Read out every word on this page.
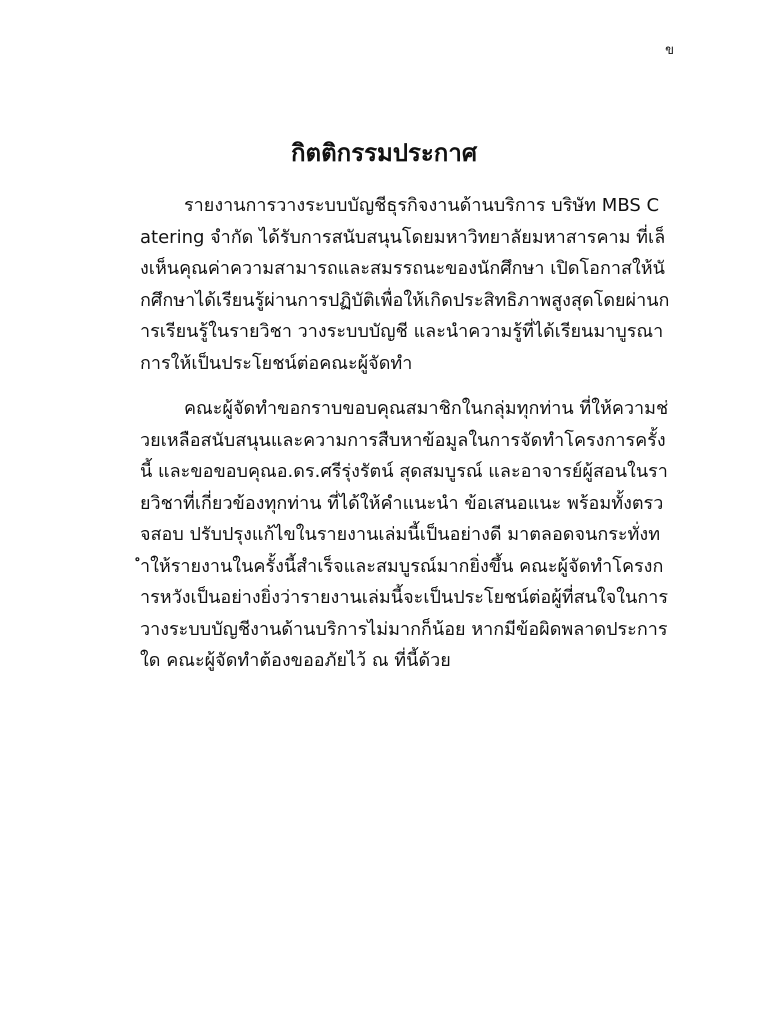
ข
กิตติกรรมประกาศ

รายงานการวางระบบบัญชีธุรกิจงานด้านบริการ บริษัท MBS Catering จำกัด ได้รับการสนับสนุนโดยมหาวิทยาลัยมหาสารคาม ที่เล็งเห็นคุณค่าความสามารถและสมรรถนะของนักศึกษา เปิดโอกาสให้นักศึกษาได้เรียนรู้ผ่านการปฏิบัติเพื่อให้เกิดประสิทธิภาพสูงสุดโดยผ่านการเรียนรู้ในรายวิชา วางระบบบัญชี และนำความรู้ที่ได้เรียนมาบูรณาการให้เป็นประโยชน์ต่อคณะผู้จัดทำ

คณะผู้จัดทำขอกราบขอบคุณสมาชิกในกลุ่มทุกท่าน ที่ให้ความช่วยเหลือสนับสนุนและความการสืบหาข้อมูลในการจัดทำโครงการครั้งนี้ และขอขอบคุณอ.ดร.ศรีรุ่งรัตน์ สุดสมบูรณ์ และอาจารย์ผู้สอนในรายวิชาที่เกี่ยวข้องทุกท่าน ที่ได้ให้คำแนะนำ ข้อเสนอแนะ พร้อมทั้งตรวจสอบ ปรับปรุงแก้ไขในรายงานเล่มนี้เป็นอย่างดี มาตลอดจนกระทั่งทำให้รายงานในครั้งนี้สำเร็จและสมบูรณ์มากยิ่งขึ้น คณะผู้จัดทำโครงการหวังเป็นอย่างยิ่งว่ารายงานเล่มนี้จะเป็นประโยชน์ต่อผู้ที่สนใจในการวางระบบบัญชีงานด้านบริการไม่มากก็น้อย หากมีข้อผิดพลาดประการใด คณะผู้จัดทำต้องขออภัยไว้ ณ ที่นี้ด้วย
